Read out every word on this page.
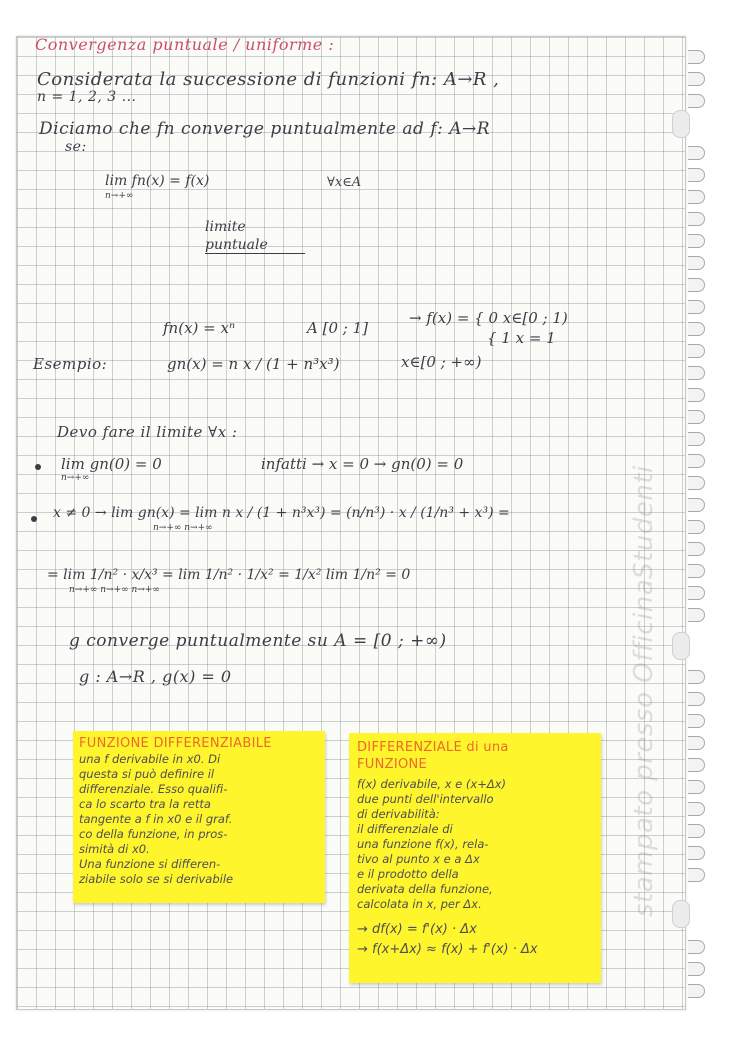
Convergenza puntuale / uniforme :
Considerata la successione di funzioni fn: A→R ,
n = 1, 2, 3 ...
Diciamo che fn converge puntualmente ad f: A→R
se:
lim fn(x) = f(x)
n→+∞
∀x∈A
limite
puntuale
fn(x) = xⁿ	A [0 ; 1]
→ f(x) = { 0 x∈[0 ; 1)
{ 1 x = 1
Esempio:	gn(x) = n x / (1 + n³x³)	x∈[0 ; +∞)
Devo fare il limite ∀x :
lim gn(0) = 0
n→+∞
infatti → x = 0 → gn(0) = 0
x ≠ 0 → lim gn(x) = lim n x / (1 + n³x³) = (n/n³) · x / (1/n³ + x³) =
n→+∞ n→+∞
= lim 1/n² · x/x³ = lim 1/n² · 1/x² = 1/x² lim 1/n² = 0
n→+∞ n→+∞ n→+∞
g converge puntualmente su A = [0 ; +∞)
g : A→R , g(x) = 0
FUNZIONE DIFFERENZIABILE
una f derivabile in x0. Di
questa si può definire il
differenziale. Esso qualifi-
ca lo scarto tra la retta
tangente a f in x0 e il graf.
co della funzione, in pros-
simità di x0.
Una funzione si differen-
ziabile solo se si derivabile
DIFFERENZIALE di una
FUNZIONE
f(x) derivabile, x e (x+Δx)
due punti dell'intervallo
di derivabilità:
il differenziale di
una funzione f(x), rela-
tivo al punto x e a Δx
e il prodotto della
derivata della funzione,
calcolata in x, per Δx.
→ df(x) = f'(x) · Δx
→ f(x+Δx) ≈ f(x) + f'(x) · Δx
stampato presso OfficinaStudenti
